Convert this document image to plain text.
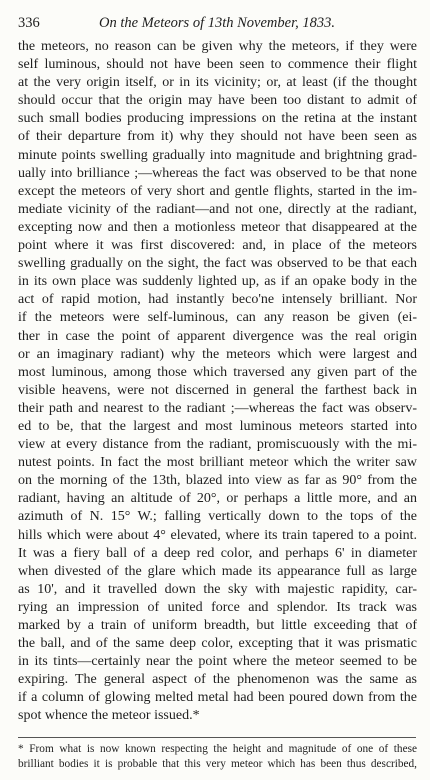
336	On the Meteors of 13th November, 1833.
the meteors, no reason can be given why the meteors, if they were
self luminous, should not have been seen to commence their flight
at the very origin itself, or in its vicinity; or, at least (if the thought
should occur that the origin may have been too distant to admit of
such small bodies producing impressions on the retina at the instant
of their departure from it) why they should not have been seen as
minute points swelling gradually into magnitude and brightning grad-
ually into brilliance ;—whereas the fact was observed to be that none
except the meteors of very short and gentle flights, started in the im-
mediate vicinity of the radiant—and not one, directly at the radiant,
excepting now and then a motionless meteor that disappeared at the
point where it was first discovered: and, in place of the meteors
swelling gradually on the sight, the fact was observed to be that each
in its own place was suddenly lighted up, as if an opake body in the
act of rapid motion, had instantly beco'ne intensely brilliant. Nor
if the meteors were self-luminous, can any reason be given (ei-
ther in case the point of apparent divergence was the real origin
or an imaginary radiant) why the meteors which were largest and
most luminous, among those which traversed any given part of the
visible heavens, were not discerned in general the farthest back in
their path and nearest to the radiant ;—whereas the fact was observ-
ed to be, that the largest and most luminous meteors started into
view at every distance from the radiant, promiscuously with the mi-
nutest points. In fact the most brilliant meteor which the writer saw
on the morning of the 13th, blazed into view as far as 90° from the
radiant, having an altitude of 20°, or perhaps a little more, and an
azimuth of N. 15° W.; falling vertically down to the tops of the
hills which were about 4° elevated, where its train tapered to a point.
It was a fiery ball of a deep red color, and perhaps 6' in diameter
when divested of the glare which made its appearance full as large
as 10', and it travelled down the sky with majestic rapidity, car-
rying an impression of united force and splendor. Its track was
marked by a train of uniform breadth, but little exceeding that of
the ball, and of the same deep color, excepting that it was prismatic
in its tints—certainly near the point where the meteor seemed to be
expiring. The general aspect of the phenomenon was the same as
if a column of glowing melted metal had been poured down from the
spot whence the meteor issued.*
* From what is now known respecting the height and magnitude of one of these
brilliant bodies it is probable that this very meteor which has been thus described,
